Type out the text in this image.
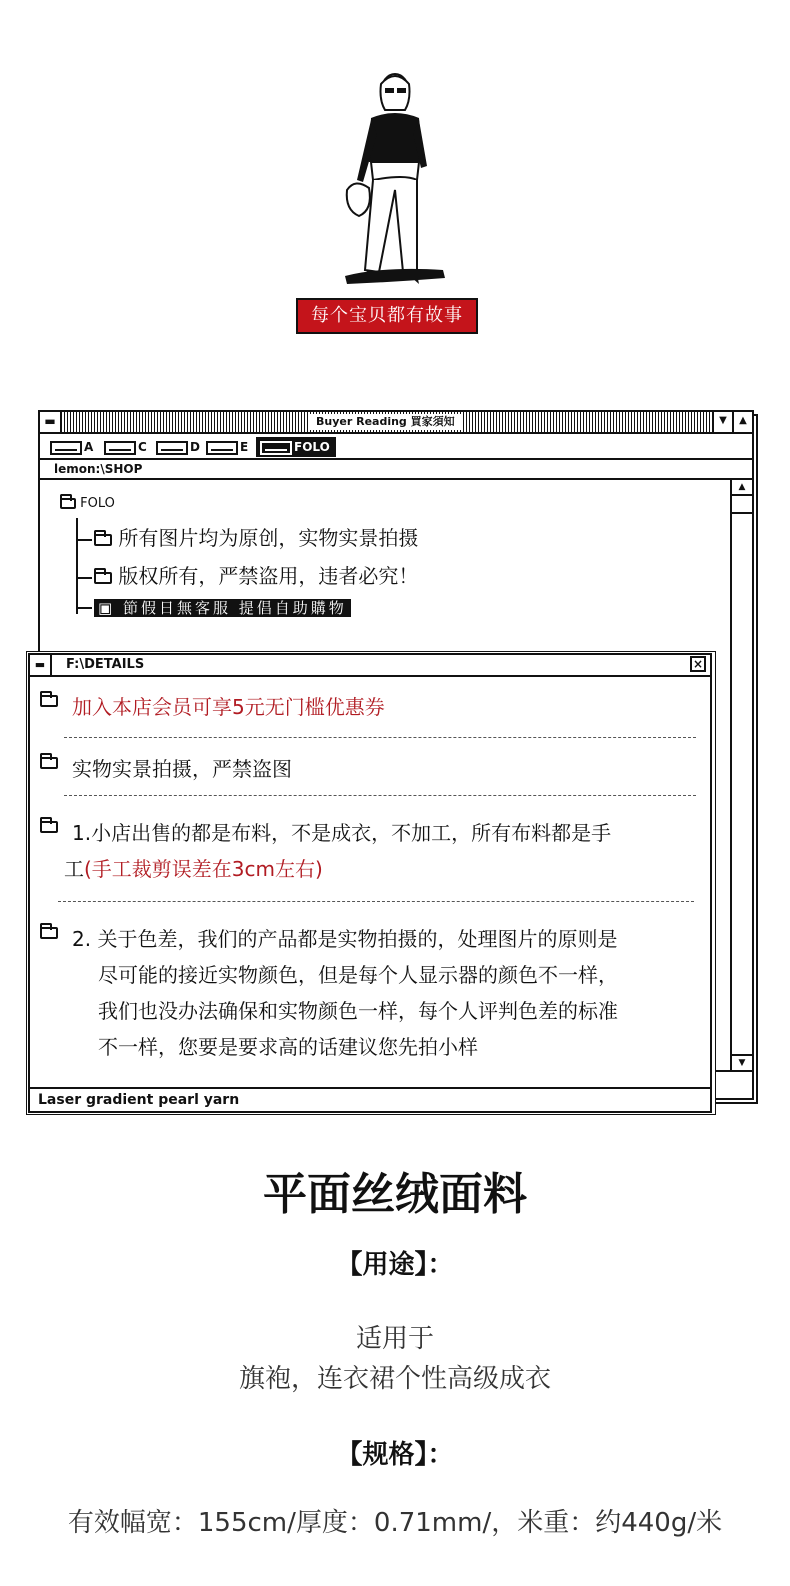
每个宝贝都有故事
▬	Buyer Reading 買家須知	▼	▲
A	C	D	E	FOLO
lemon:\SHOP
▲
▼
FOLO
所有图片均为原创，实物实景拍摄
版权所有，严禁盗用，违者必究！
▣ 節假日無客服 提倡自助購物
▬	F:\DETAILS	×
加入本店会员可享5元无门槛优惠券
实物实景拍摄，严禁盗图
1.小店出售的都是布料，不是成衣，不加工，所有布料都是手
工(手工裁剪误差在3cm左右)
2. 关于色差，我们的产品都是实物拍摄的，处理图片的原则是
尽可能的接近实物颜色，但是每个人显示器的颜色不一样，
我们也没办法确保和实物颜色一样，每个人评判色差的标准
不一样，您要是要求高的话建议您先拍小样
Laser gradient pearl yarn
平面丝绒面料
【用途】：
适用于
旗袍，连衣裙个性高级成衣
【规格】：
有效幅宽：155cm/厚度：0.71mm/，米重：约440g/米
